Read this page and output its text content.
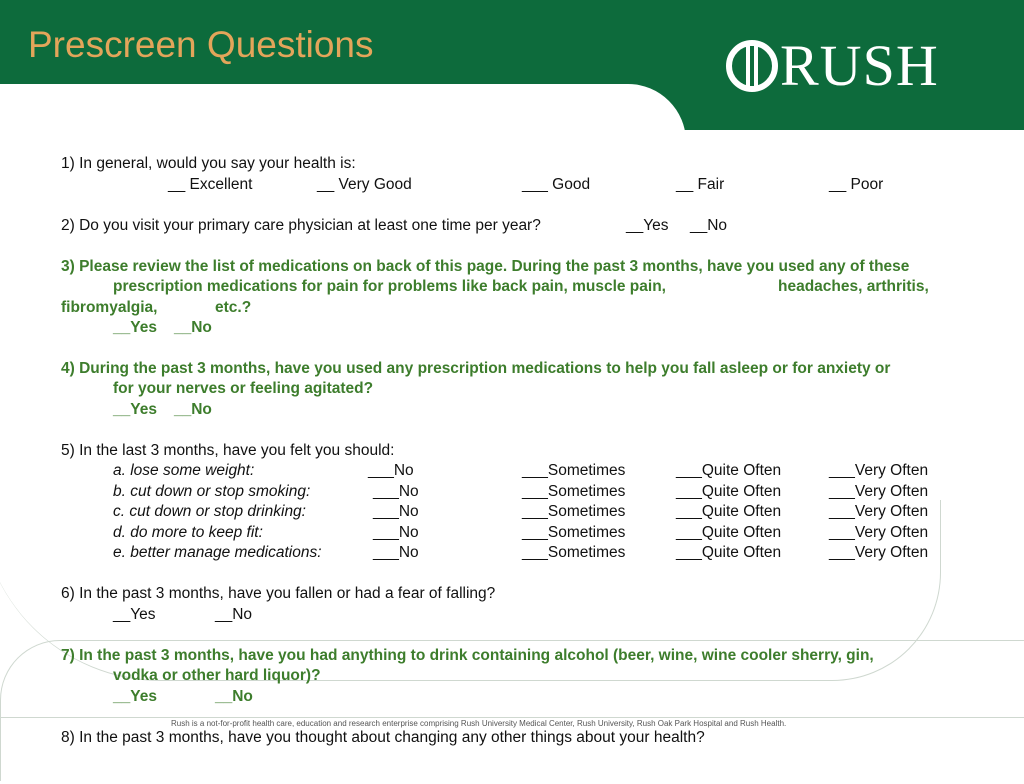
Prescreen Questions	RUSH
1) In general, would you say your health is:
__ Excellent	__ Very Good	___ Good	__ Fair	__ Poor
2) Do you visit your primary care physician at least one time per year?	__Yes __No
3) Please review the list of medications on back of this page. During the past 3 months, have you used any of these
prescription medications for pain for problems like back pain, muscle pain,	headaches, arthritis,
fibromyalgia,	etc.?
__Yes __No
4) During the past 3 months, have you used any prescription medications to help you fall asleep or for anxiety or
for your nerves or feeling agitated?
__Yes __No
5) In the last 3 months, have you felt you should:
a. lose some weight:	___No	___Sometimes	___Quite Often	___Very Often
b. cut down or stop smoking:	___No	___Sometimes	___Quite Often	___Very Often
c. cut down or stop drinking:	___No	___Sometimes	___Quite Often	___Very Often
d. do more to keep fit:	___No	___Sometimes	___Quite Often	___Very Often
e. better manage medications:	___No	___Sometimes	___Quite Often	___Very Often
6) In the past 3 months, have you fallen or had a fear of falling?
__Yes	__No
7) In the past 3 months, have you had anything to drink containing alcohol (beer, wine, wine cooler sherry, gin,
vodka or other hard liquor)?
__Yes	__No
Rush is a not-for-profit health care, education and research enterprise comprising Rush University Medical Center, Rush University, Rush Oak Park Hospital and Rush Health.
8) In the past 3 months, have you thought about changing any other things about your health?
